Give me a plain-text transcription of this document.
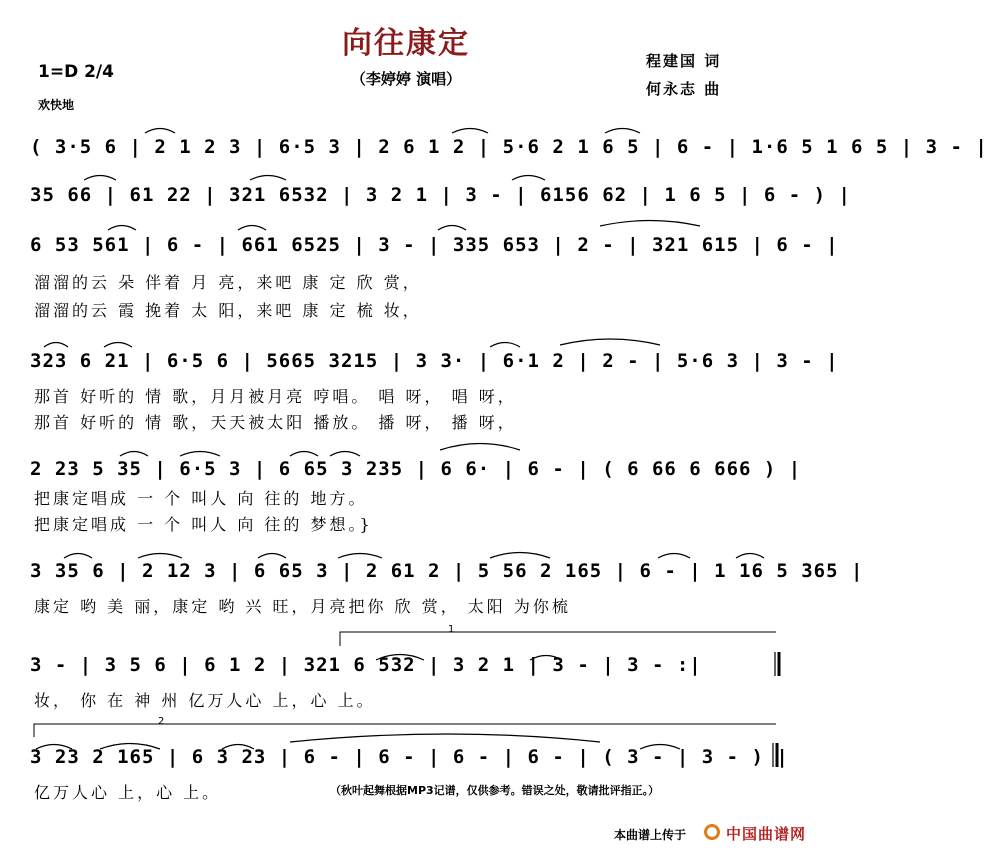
向往康定
（李婷婷 演唱）
1=D 2/4
欢快地
程建国 词
何永志 曲
( 3·5 6 | 2 1 2 3 | 6·5 3 | 2 6 1 2 | 5·6 2 1 6 5 | 6 - | 1·6 5 1 6 5 | 3 - |
35 66 | 61 22 | 321 6532 | 3 2 1 | 3 - | 6156 62 | 1 6 5 | 6 - ) |
6 53 561 | 6 - | 661 6525 | 3 - | 335 653 | 2 - | 321 615 | 6 - |
溜溜的云 朵 伴着 月 亮，来吧 康 定 欣 赏，
溜溜的云 霞 挽着 太 阳，来吧 康 定 梳 妆，
323 6 21 | 6·5 6 | 5665 3215 | 3 3· | 6·1 2 | 2 - | 5·6 3 | 3 - |
那首 好听的 情 歌，月月被月亮 哼唱。 唱 呀， 唱 呀，
那首 好听的 情 歌，天天被太阳 播放。 播 呀， 播 呀，
2 23 5 35 | 6·5 3 | 6 65 3 235 | 6 6· | 6 - | ( 6 66 6 666 ) |
把康定唱成 一 个 叫人 向 往的 地方。
把康定唱成 一 个 叫人 向 往的 梦想。}
3 35 6 | 2 12 3 | 6 65 3 | 2 61 2 | 5 56 2 165 | 6 - | 1 16 5 365 |
康定 哟 美 丽，康定 哟 兴 旺，月亮把你 欣 赏， 太阳 为你梳
1
3 - | 3 5 6 | 6 1 2 | 321 6 532 | 3 2 1 | 3 - | 3 - :|
妆， 你 在 神 州 亿万人心 上，心 上。
2
3 23 2 165 | 6 3 23 | 6 - | 6 - | 6 - | 6 - | ( 3 - | 3 - ) |
亿万人心 上，心 上。	（秋叶起舞根据MP3记谱，仅供参考。错误之处，敬请批评指正。）
本曲谱上传于	中国曲谱网
